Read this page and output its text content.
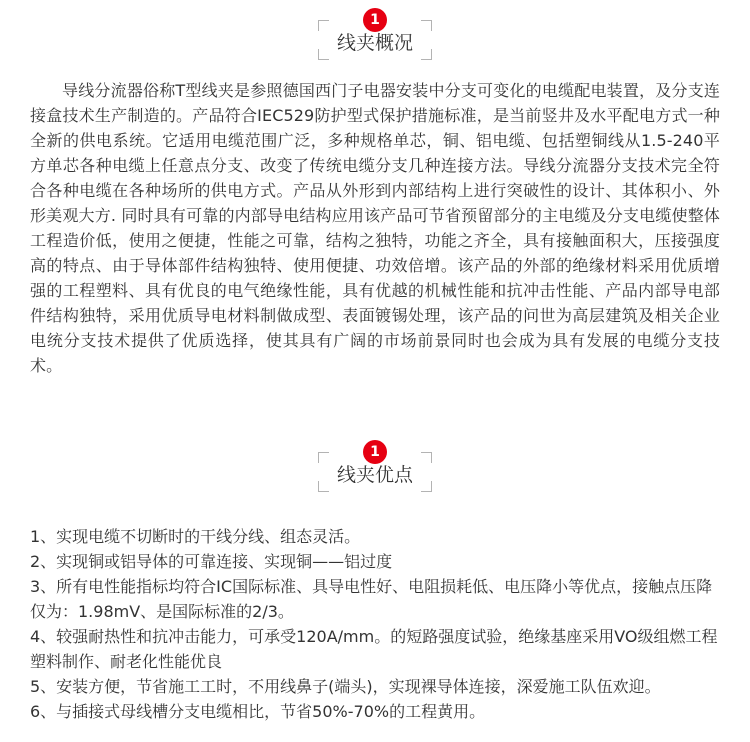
1
线夹概况

导线分流器俗称T型线夹是参照德国西门子电器安装中分支可变化的电缆配电装置，及分支连接盒技术生产制造的。产品符合IEC529防护型式保护措施标准，是当前竖井及水平配电方式一种全新的供电系统。它适用电缆范围广泛，多种规格单芯，铜、铝电缆、包括塑铜线从1.5-240平方单芯各种电缆上任意点分支、改变了传统电缆分支几种连接方法。导线分流器分支技术完全符合各种电缆在各种场所的供电方式。产品从外形到内部结构上进行突破性的设计、其体积小、外形美观大方. 同时具有可靠的内部导电结构应用该产品可节省预留部分的主电缆及分支电缆使整体工程造价低，使用之便捷，性能之可靠，结构之独特，功能之齐全，具有接触面积大，压接强度高的特点、由于导体部件结构独特、使用便捷、功效倍增。该产品的外部的绝缘材料采用优质增强的工程塑料、具有优良的电气绝缘性能，具有优越的机械性能和抗冲击性能、产品内部导电部件结构独特，采用优质导电材料制做成型、表面镀锡处理，该产品的问世为高层建筑及相关企业电统分支技术提供了优质选择，使其具有广阔的市场前景同时也会成为具有发展的电缆分支技术。

1
线夹优点
1、实现电缆不切断时的干线分线、组态灵活。
2、实现铜或铝导体的可靠连接、实现铜——铝过度
3、所有电性能指标均符合IC国际标准、具导电性好、电阻损耗低、电压降小等优点，接触点压降仅为：1.98mV、是国际标准的2/3。
4、较强耐热性和抗冲击能力，可承受120A/mm。的短路强度试验，绝缘基座采用VO级组燃工程塑料制作、耐老化性能优良
5、安装方便，节省施工工时，不用线鼻子(端头)，实现裸导体连接，深爱施工队伍欢迎。
6、与插接式母线槽分支电缆相比，节省50%-70%的工程黄用。
